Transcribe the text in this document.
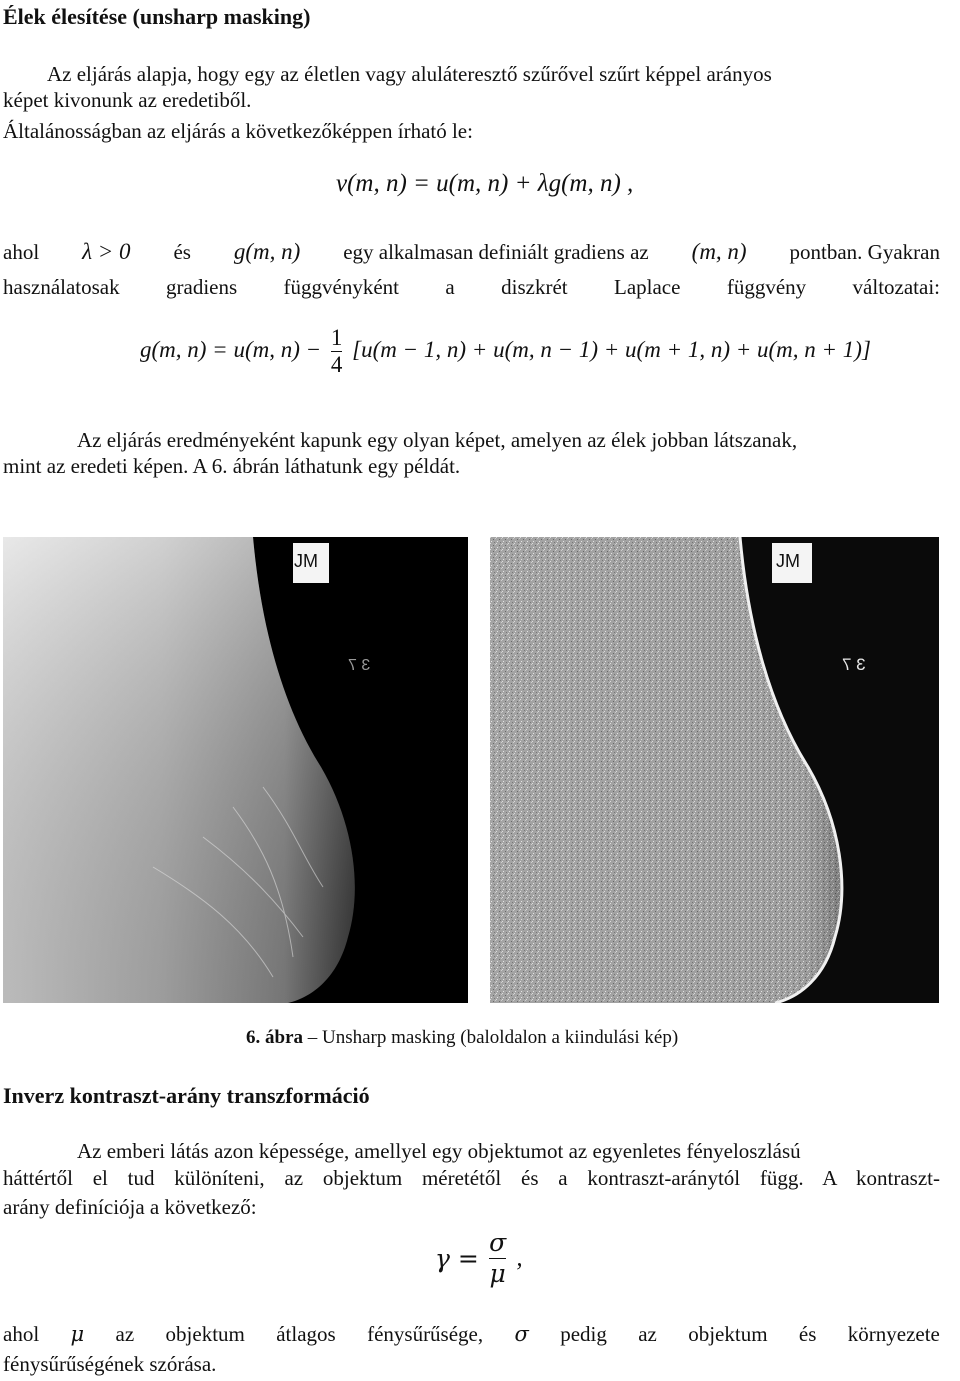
Élek élesítése (unsharp masking)
Az eljárás alapja, hogy egy az életlen vagy aluláteresztő szűrővel szűrt képpel arányos
képet kivonunk az eredetiből.
Általánosságban az eljárás a következőképpen írható le:
v(m, n) = u(m, n) + λg(m, n) ,
ahol λ > 0 és g(m, n) egy alkalmasan definiált gradiens az (m, n) pontban. Gyakran
használatosak gradiens függvényként a diszkrét Laplace függvény változatai:
g(m, n) = u(m, $n) - \frac{1}{4} [u(m - 1$, n) + u(m, n − 1) + u(m + 1, n) + u(m, n + 1)]
Az eljárás eredményeként kapunk egy olyan képet, amelyen az élek jobban látszanak,
mint az eredeti képen. A 6. ábrán láthatunk egy példát.
JM
3 7
JM
3 7
6. ábra – Unsharp masking (baloldalon a kiindulási kép)
Inverz kontraszt-arány transzformáció
Az emberi látás azon képessége, amellyel egy objektumot az egyenletes fényeloszlású
háttértől el tud különíteni, az objektum méretétől és a kontraszt-aránytól függ. A kontraszt-
arány definíciója a következő:
$\gamma = \frac{\sigma}{\mu}$ ,
ahol μ az objektum átlagos fénysűrűsége, σ pedig az objektum és környezete
fénysűrűségének szórása.
